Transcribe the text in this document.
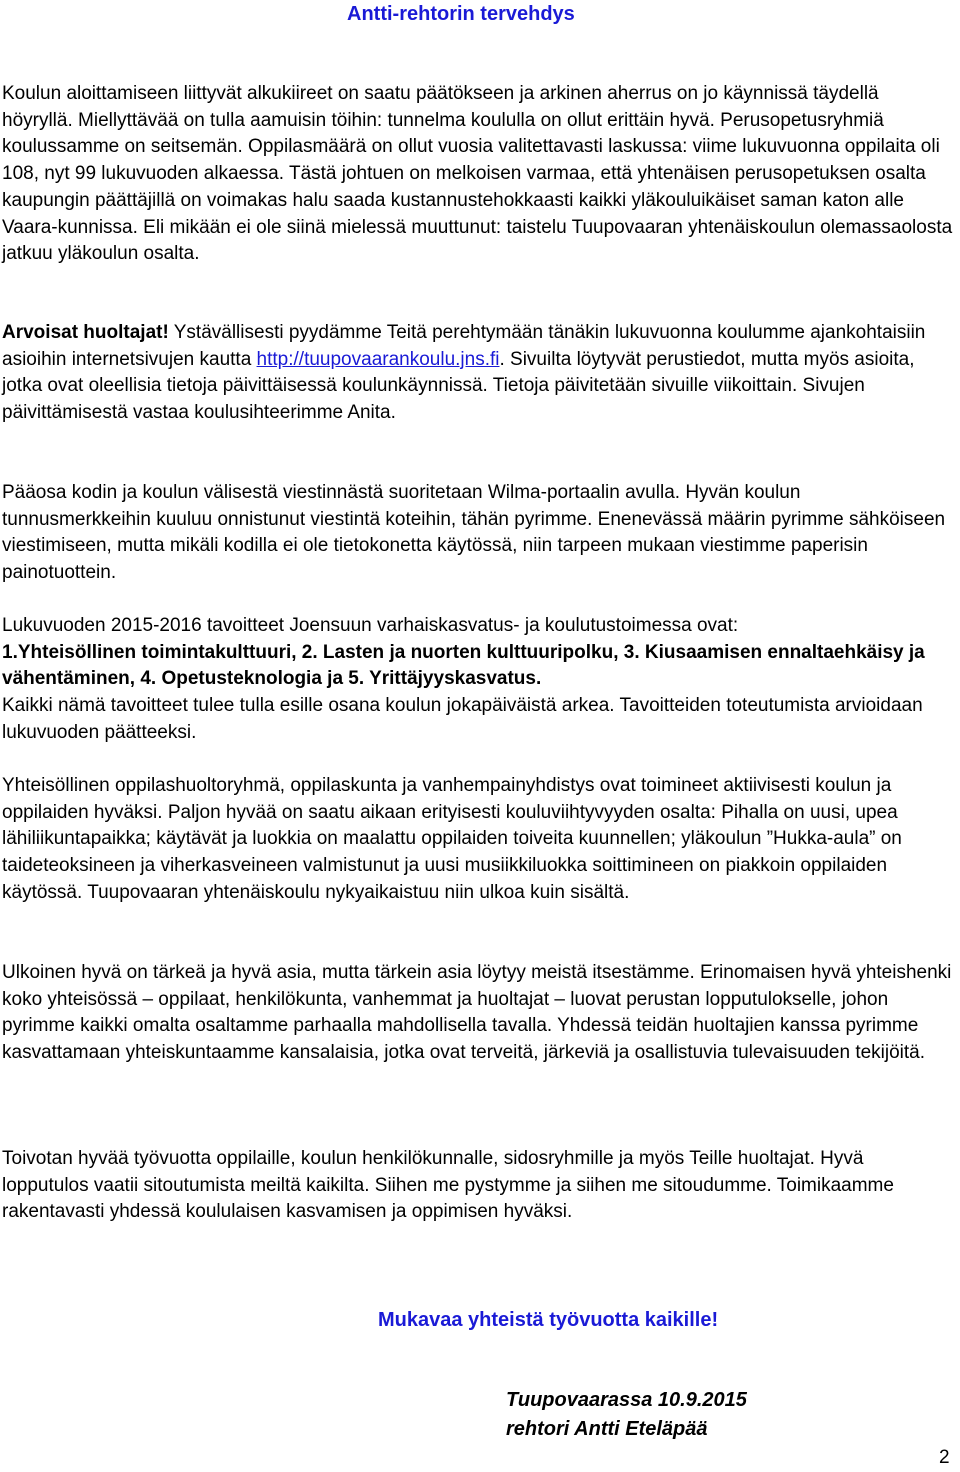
Antti-rehtorin tervehdys

Koulun aloittamiseen liittyvät alkukiireet on saatu päätökseen ja arkinen aherrus on jo käynnissä täydellä höyryllä. Miellyttävää on tulla aamuisin töihin: tunnelma koululla on ollut erittäin hyvä. Perusopetusryhmiä koulussamme on seitsemän. Oppilasmäärä on ollut vuosia valitettavasti laskussa: viime lukuvuonna oppilaita oli 108, nyt 99 lukuvuoden alkaessa. Tästä johtuen on melkoisen varmaa, että yhtenäisen perusopetuksen osalta kaupungin päättäjillä on voimakas halu saada kustannustehokkaasti kaikki yläkouluikäiset saman katon alle Vaara-kunnissa. Eli mikään ei ole siinä mielessä muuttunut: taistelu Tuupovaaran yhtenäiskoulun olemassaolosta jatkuu yläkoulun osalta.

Arvoisat huoltajat! Ystävällisesti pyydämme Teitä perehtymään tänäkin lukuvuonna koulumme ajankohtaisiin asioihin internetsivujen kautta http://tuupovaarankoulu.jns.fi. Sivuilta löytyvät perustiedot, mutta myös asioita, jotka ovat oleellisia tietoja päivittäisessä koulunkäynnissä. Tietoja päivitetään sivuille viikoittain. Sivujen päivittämisestä vastaa koulusihteerimme Anita.

Pääosa kodin ja koulun välisestä viestinnästä suoritetaan Wilma-portaalin avulla. Hyvän koulun tunnusmerkkeihin kuuluu onnistunut viestintä koteihin, tähän pyrimme. Enenevässä määrin pyrimme sähköiseen viestimiseen, mutta mikäli kodilla ei ole tietokonetta käytössä, niin tarpeen mukaan viestimme paperisin painotuottein.

Lukuvuoden 2015-2016 tavoitteet Joensuun varhaiskasvatus- ja koulutustoimessa ovat:
1.Yhteisöllinen toimintakulttuuri, 2. Lasten ja nuorten kulttuuripolku, 3. Kiusaamisen ennaltaehkäisy ja vähentäminen, 4. Opetusteknologia ja 5. Yrittäjyyskasvatus.
Kaikki nämä tavoitteet tulee tulla esille osana koulun jokapäiväistä arkea. Tavoitteiden toteutumista arvioidaan lukuvuoden päätteeksi.

Yhteisöllinen oppilashuoltoryhmä, oppilaskunta ja vanhempainyhdistys ovat toimineet aktiivisesti koulun ja oppilaiden hyväksi. Paljon hyvää on saatu aikaan erityisesti kouluviihtyvyyden osalta: Pihalla on uusi, upea lähiliikuntapaikka; käytävät ja luokkia on maalattu oppilaiden toiveita kuunnellen; yläkoulun ”Hukka-aula” on taideteoksineen ja viherkasveineen valmistunut ja uusi musiikkiluokka soittimineen on piakkoin oppilaiden käytössä. Tuupovaaran yhtenäiskoulu nykyaikaistuu niin ulkoa kuin sisältä.

Ulkoinen hyvä on tärkeä ja hyvä asia, mutta tärkein asia löytyy meistä itsestämme. Erinomaisen hyvä yhteishenki koko yhteisössä – oppilaat, henkilökunta, vanhemmat ja huoltajat – luovat perustan lopputulokselle, johon pyrimme kaikki omalta osaltamme parhaalla mahdollisella tavalla. Yhdessä teidän huoltajien kanssa pyrimme kasvattamaan yhteiskuntaamme kansalaisia, jotka ovat terveitä, järkeviä ja osallistuvia tulevaisuuden tekijöitä.

Toivotan hyvää työvuotta oppilaille, koulun henkilökunnalle, sidosryhmille ja myös Teille huoltajat. Hyvä lopputulos vaatii sitoutumista meiltä kaikilta. Siihen me pystymme ja siihen me sitoudumme. Toimikaamme rakentavasti yhdessä koululaisen kasvamisen ja oppimisen hyväksi.

Mukavaa yhteistä työvuotta kaikille!
Tuupovaarassa 10.9.2015
rehtori Antti Eteläpää
2
